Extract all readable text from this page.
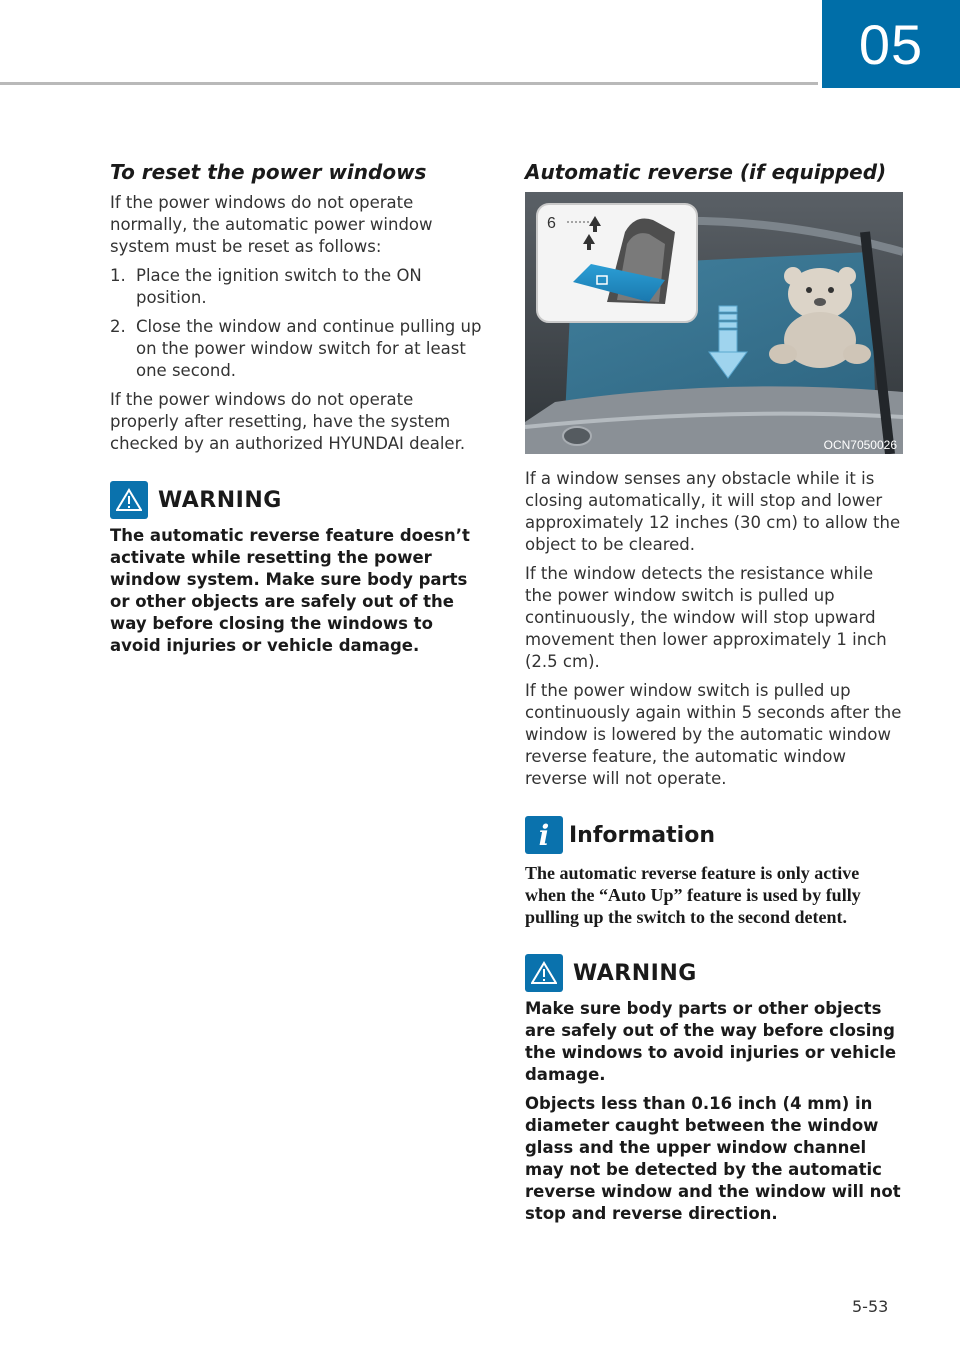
05
To reset the power windows

If the power windows do not operate normally, the automatic power window system must be reset as follows:

1. Place the ignition switch to the ON position.
2. Close the window and continue pulling up on the power window switch for at least one second.

If the power windows do not operate properly after resetting, have the system checked by an authorized HYUNDAI dealer.

WARNING

The automatic reverse feature doesn’t activate while resetting the power window system. Make sure body parts or other objects are safely out of the way before closing the windows to avoid injuries or vehicle damage.

Automatic reverse (if equipped)
6
OCN7050026

If a window senses any obstacle while it is closing automatically, it will stop and lower approximately 12 inches (30 cm) to allow the object to be cleared.

If the window detects the resistance while the power window switch is pulled up continuously, the window will stop upward movement then lower approximately 1 inch (2.5 cm).

If the power window switch is pulled up continuously again within 5 seconds after the window is lowered by the automatic window reverse feature, the automatic window reverse will not operate.

i Information

The automatic reverse feature is only active when the “Auto Up” feature is used by fully pulling up the switch to the second detent.

WARNING

Make sure body parts or other objects are safely out of the way before closing the windows to avoid injuries or vehicle damage.

Objects less than 0.16 inch (4 mm) in diameter caught between the window glass and the upper window channel may not be detected by the automatic reverse window and the window will not stop and reverse direction.

5-53
